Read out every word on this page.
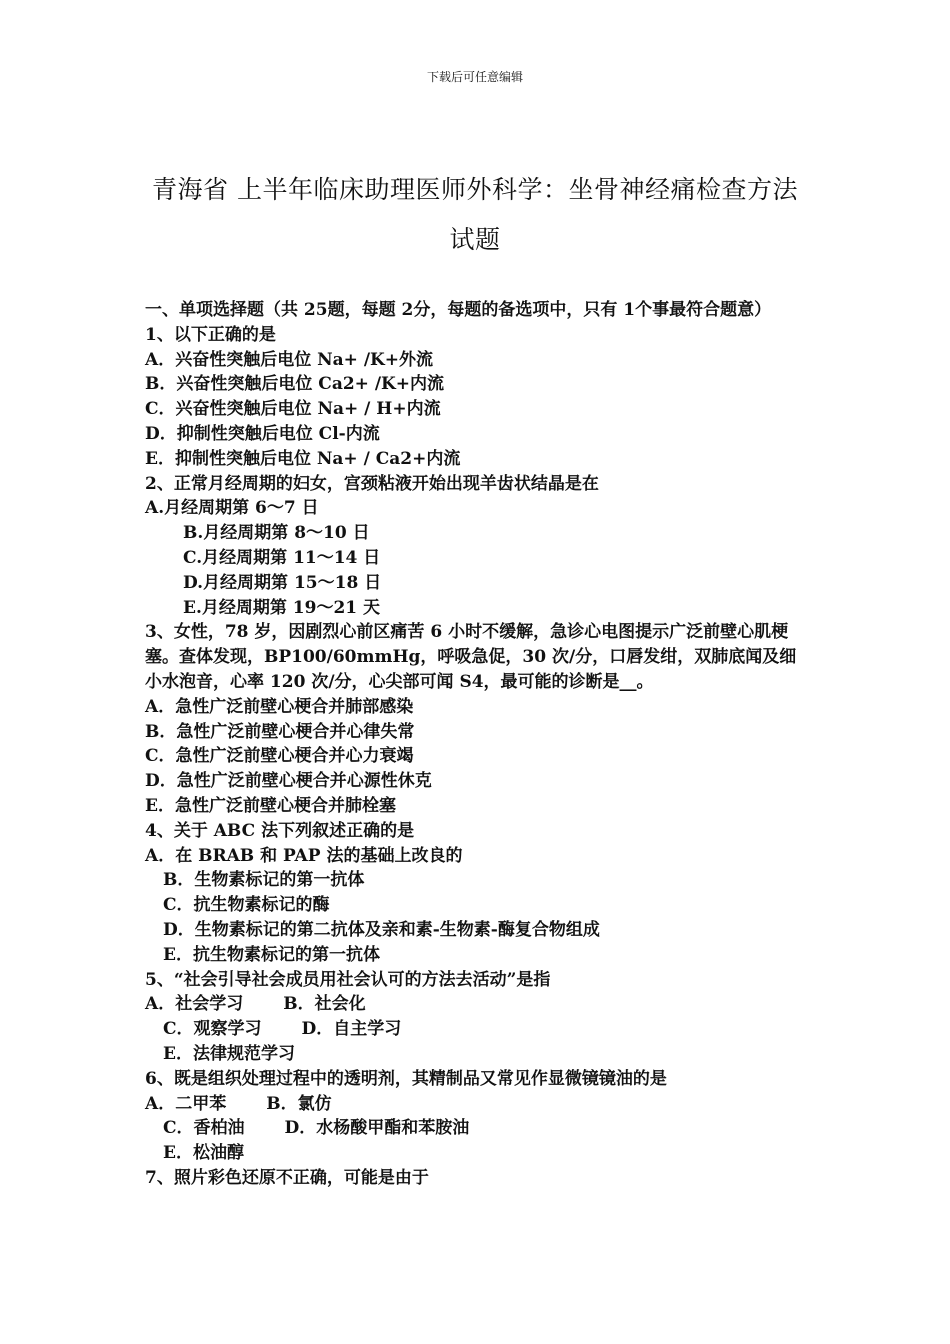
下载后可任意编辑
青海省 上半年临床助理医师外科学：坐骨神经痛检查方法试题
一、单项选择题（共 25题，每题 2分，每题的备选项中，只有 1个事最符合题意）
1、以下正确的是
A．兴奋性突触后电位 Na+ /K+外流
B．兴奋性突触后电位 Ca2+ /K+内流
C．兴奋性突触后电位 Na+ / H+内流
D．抑制性突触后电位 Cl-内流
E．抑制性突触后电位 Na+ / Ca2+内流
2、正常月经周期的妇女，宫颈粘液开始出现羊齿状结晶是在
A.月经周期第 6～7 日
B.月经周期第 8～10 日
C.月经周期第 11～14 日
D.月经周期第 15～18 日
E.月经周期第 19～21 天
3、女性，78 岁，因剧烈心前区痛苦 6 小时不缓解，急诊心电图提示广泛前壁心肌梗塞。查体发现，BP100/60mmHg，呼吸急促，30 次/分，口唇发绀，双肺底闻及细小水泡音，心率 120 次/分，心尖部可闻 S4，最可能的诊断是__。
A．急性广泛前壁心梗合并肺部感染
B．急性广泛前壁心梗合并心律失常
C．急性广泛前壁心梗合并心力衰竭
D．急性广泛前壁心梗合并心源性休克
E．急性广泛前壁心梗合并肺栓塞
4、关于 ABC 法下列叙述正确的是
A．在 BRAB 和 PAP 法的基础上改良的
B．生物素标记的第一抗体
C．抗生物素标记的酶
D．生物素标记的第二抗体及亲和素-生物素-酶复合物组成
E．抗生物素标记的第一抗体
5、“社会引导社会成员用社会认可的方法去活动”是指
A．社会学习 B．社会化
C．观察学习 D．自主学习
E．法律规范学习
6、既是组织处理过程中的透明剂，其精制品又常见作显微镜镜油的是
A．二甲苯 B．氯仿
C．香柏油 D．水杨酸甲酯和苯胺油
E．松油醇
7、照片彩色还原不正确，可能是由于
